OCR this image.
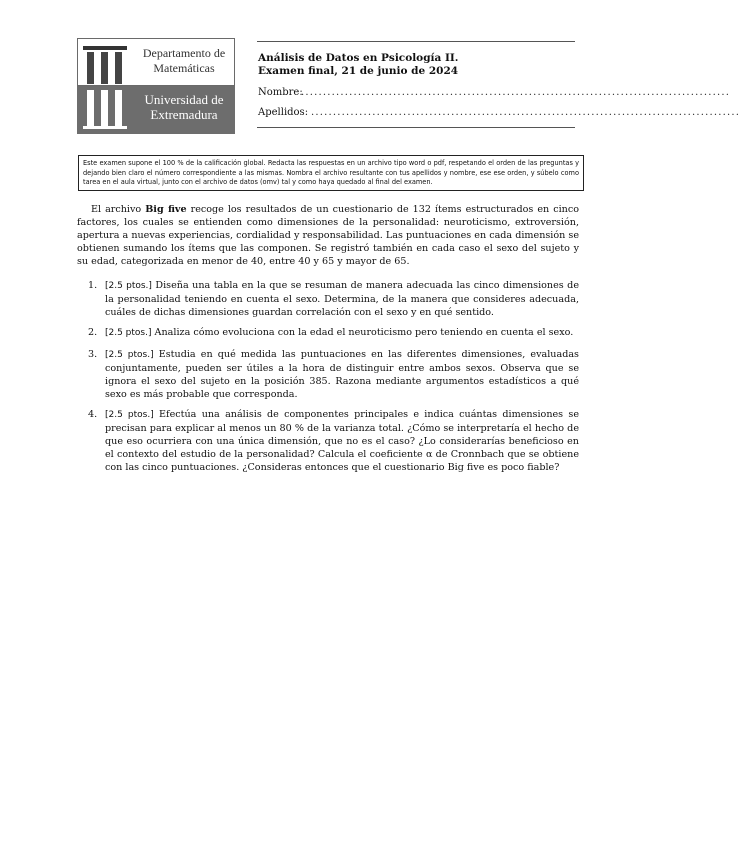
Departamento de
Matemáticas
Universidad de
Extremadura
Análisis de Datos en Psicología II.
Examen final, 21 de junio de 2024
Nombre:
..................................................................................................
Apellidos: ..................................................................................................
Este examen supone el 100 % de la calificación global. Redacta las respuestas en un archivo tipo word o pdf, respetando el orden de las preguntas y dejando bien claro el número correspondiente a las mismas. Nombra el archivo resultante con tus apellidos y nombre, ese ese orden, y súbelo como tarea en el aula virtual, junto con el archivo de datos (omv) tal y como haya quedado al final del examen.

El archivo Big five recoge los resultados de un cuestionario de 132 ítems estructurados en cinco factores, los cuales se entienden como dimensiones de la personalidad: neuroticismo, extroversión, apertura a nuevas experiencias, cordialidad y responsabilidad. Las puntuaciones en cada dimensión se obtienen sumando los ítems que las componen. Se registró también en cada caso el sexo del sujeto y su edad, categorizada en menor de 40, entre 40 y 65 y mayor de 65.

1. [2.5 ptos.] Diseña una tabla en la que se resuman de manera adecuada las cinco dimensiones de la personalidad teniendo en cuenta el sexo. Determina, de la manera que consideres adecuada, cuáles de dichas dimensiones guardan correlación con el sexo y en qué sentido.

2. [2.5 ptos.] Analiza cómo evoluciona con la edad el neuroticismo pero teniendo en cuenta el sexo.

3. [2.5 ptos.] Estudia en qué medida las puntuaciones en las diferentes dimensiones, evaluadas conjuntamente, pueden ser útiles a la hora de distinguir entre ambos sexos. Observa que se ignora el sexo del sujeto en la posición 385. Razona mediante argumentos estadísticos a qué sexo es más probable que corresponda.

4. [2.5 ptos.] Efectúa una análisis de componentes principales e indica cuántas dimensiones se precisan para explicar al menos un 80 % de la varianza total. ¿Cómo se interpretaría el hecho de que eso ocurriera con una única dimensión, que no es el caso? ¿Lo considerarías beneficioso en el contexto del estudio de la personalidad? Calcula el coeficiente α de Cronnbach que se obtiene con las cinco puntuaciones. ¿Consideras entonces que el cuestionario Big five es poco fiable?
